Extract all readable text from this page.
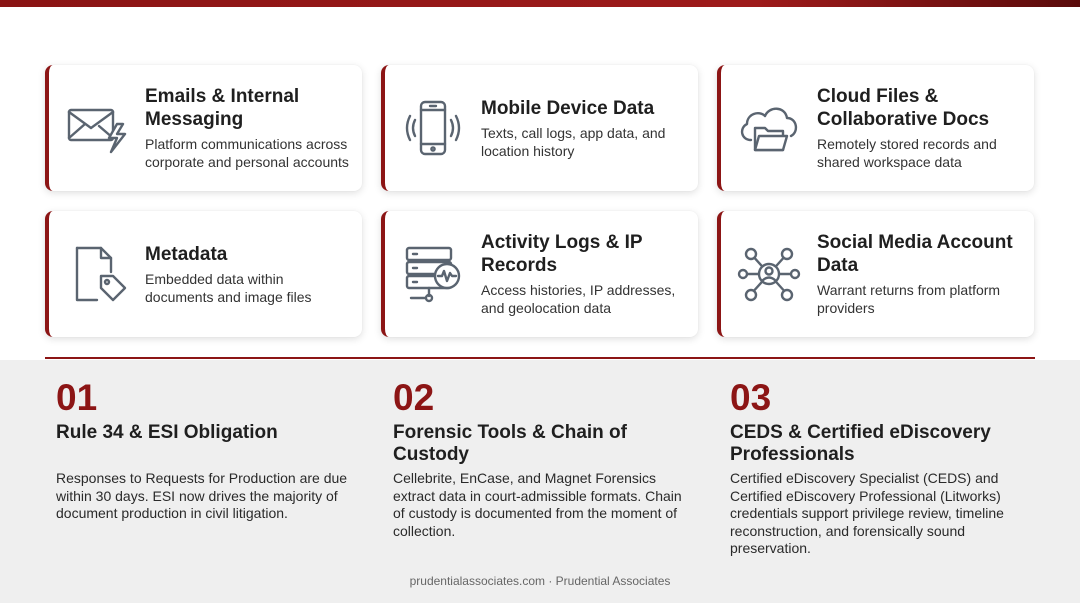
Emails & Internal Messaging
Platform communications across corporate and personal accounts
Mobile Device Data
Texts, call logs, app data, and location history
Cloud Files & Collaborative Docs
Remotely stored records and shared workspace data
Metadata
Embedded data within documents and image files
Activity Logs & IP Records
Access histories, IP addresses, and geolocation data
Social Media Account Data
Warrant returns from platform providers
01
Rule 34 & ESI Obligation
Responses to Requests for Production are due within 30 days. ESI now drives the majority of document production in civil litigation.
02
Forensic Tools & Chain of Custody
Cellebrite, EnCase, and Magnet Forensics extract data in court-admissible formats. Chain of custody is documented from the moment of collection.
03
CEDS & Certified eDiscovery Professionals
Certified eDiscovery Specialist (CEDS) and Certified eDiscovery Professional (Litworks) credentials support privilege review, timeline reconstruction, and forensically sound preservation.
prudentialassociates.com · Prudential Associates
